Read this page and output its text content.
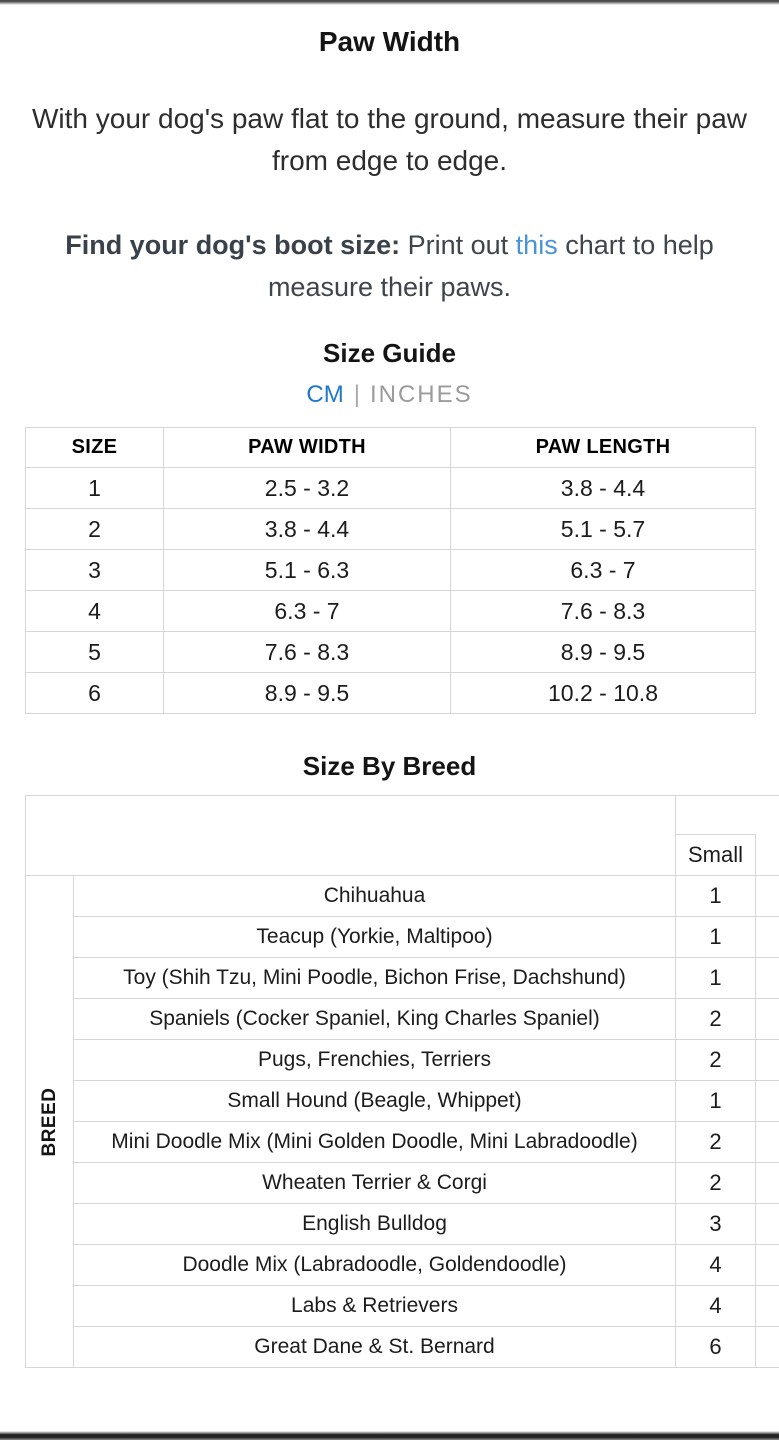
Paw Width

With your dog's paw flat to the ground, measure their paw from edge to edge.

Find your dog's boot size: Print out this chart to help measure their paws.

Size Guide
CM | INCHES
SIZE	PAW WIDTH	PAW LENGTH
1	2.5 - 3.2	3.8 - 4.4
2	3.8 - 4.4	5.1 - 5.7
3	5.1 - 6.3	6.3 - 7
4	6.3 - 7	7.6 - 8.3
5	7.6 - 8.3	8.9 - 9.5
6	8.9 - 9.5	10.2 - 10.8
Size By Breed

		Small	

BREED	Chihuahua	1	
	Teacup (Yorkie, Maltipoo)	1	
	Toy (Shih Tzu, Mini Poodle, Bichon Frise, Dachshund)	1	
	Spaniels (Cocker Spaniel, King Charles Spaniel)	2	
	Pugs, Frenchies, Terriers	2	
	Small Hound (Beagle, Whippet)	1	
	Mini Doodle Mix (Mini Golden Doodle, Mini Labradoodle)	2	
	Wheaten Terrier & Corgi	2	
	English Bulldog	3	
	Doodle Mix (Labradoodle, Goldendoodle)	4	
	Labs & Retrievers	4	
	Great Dane & St. Bernard	6	
